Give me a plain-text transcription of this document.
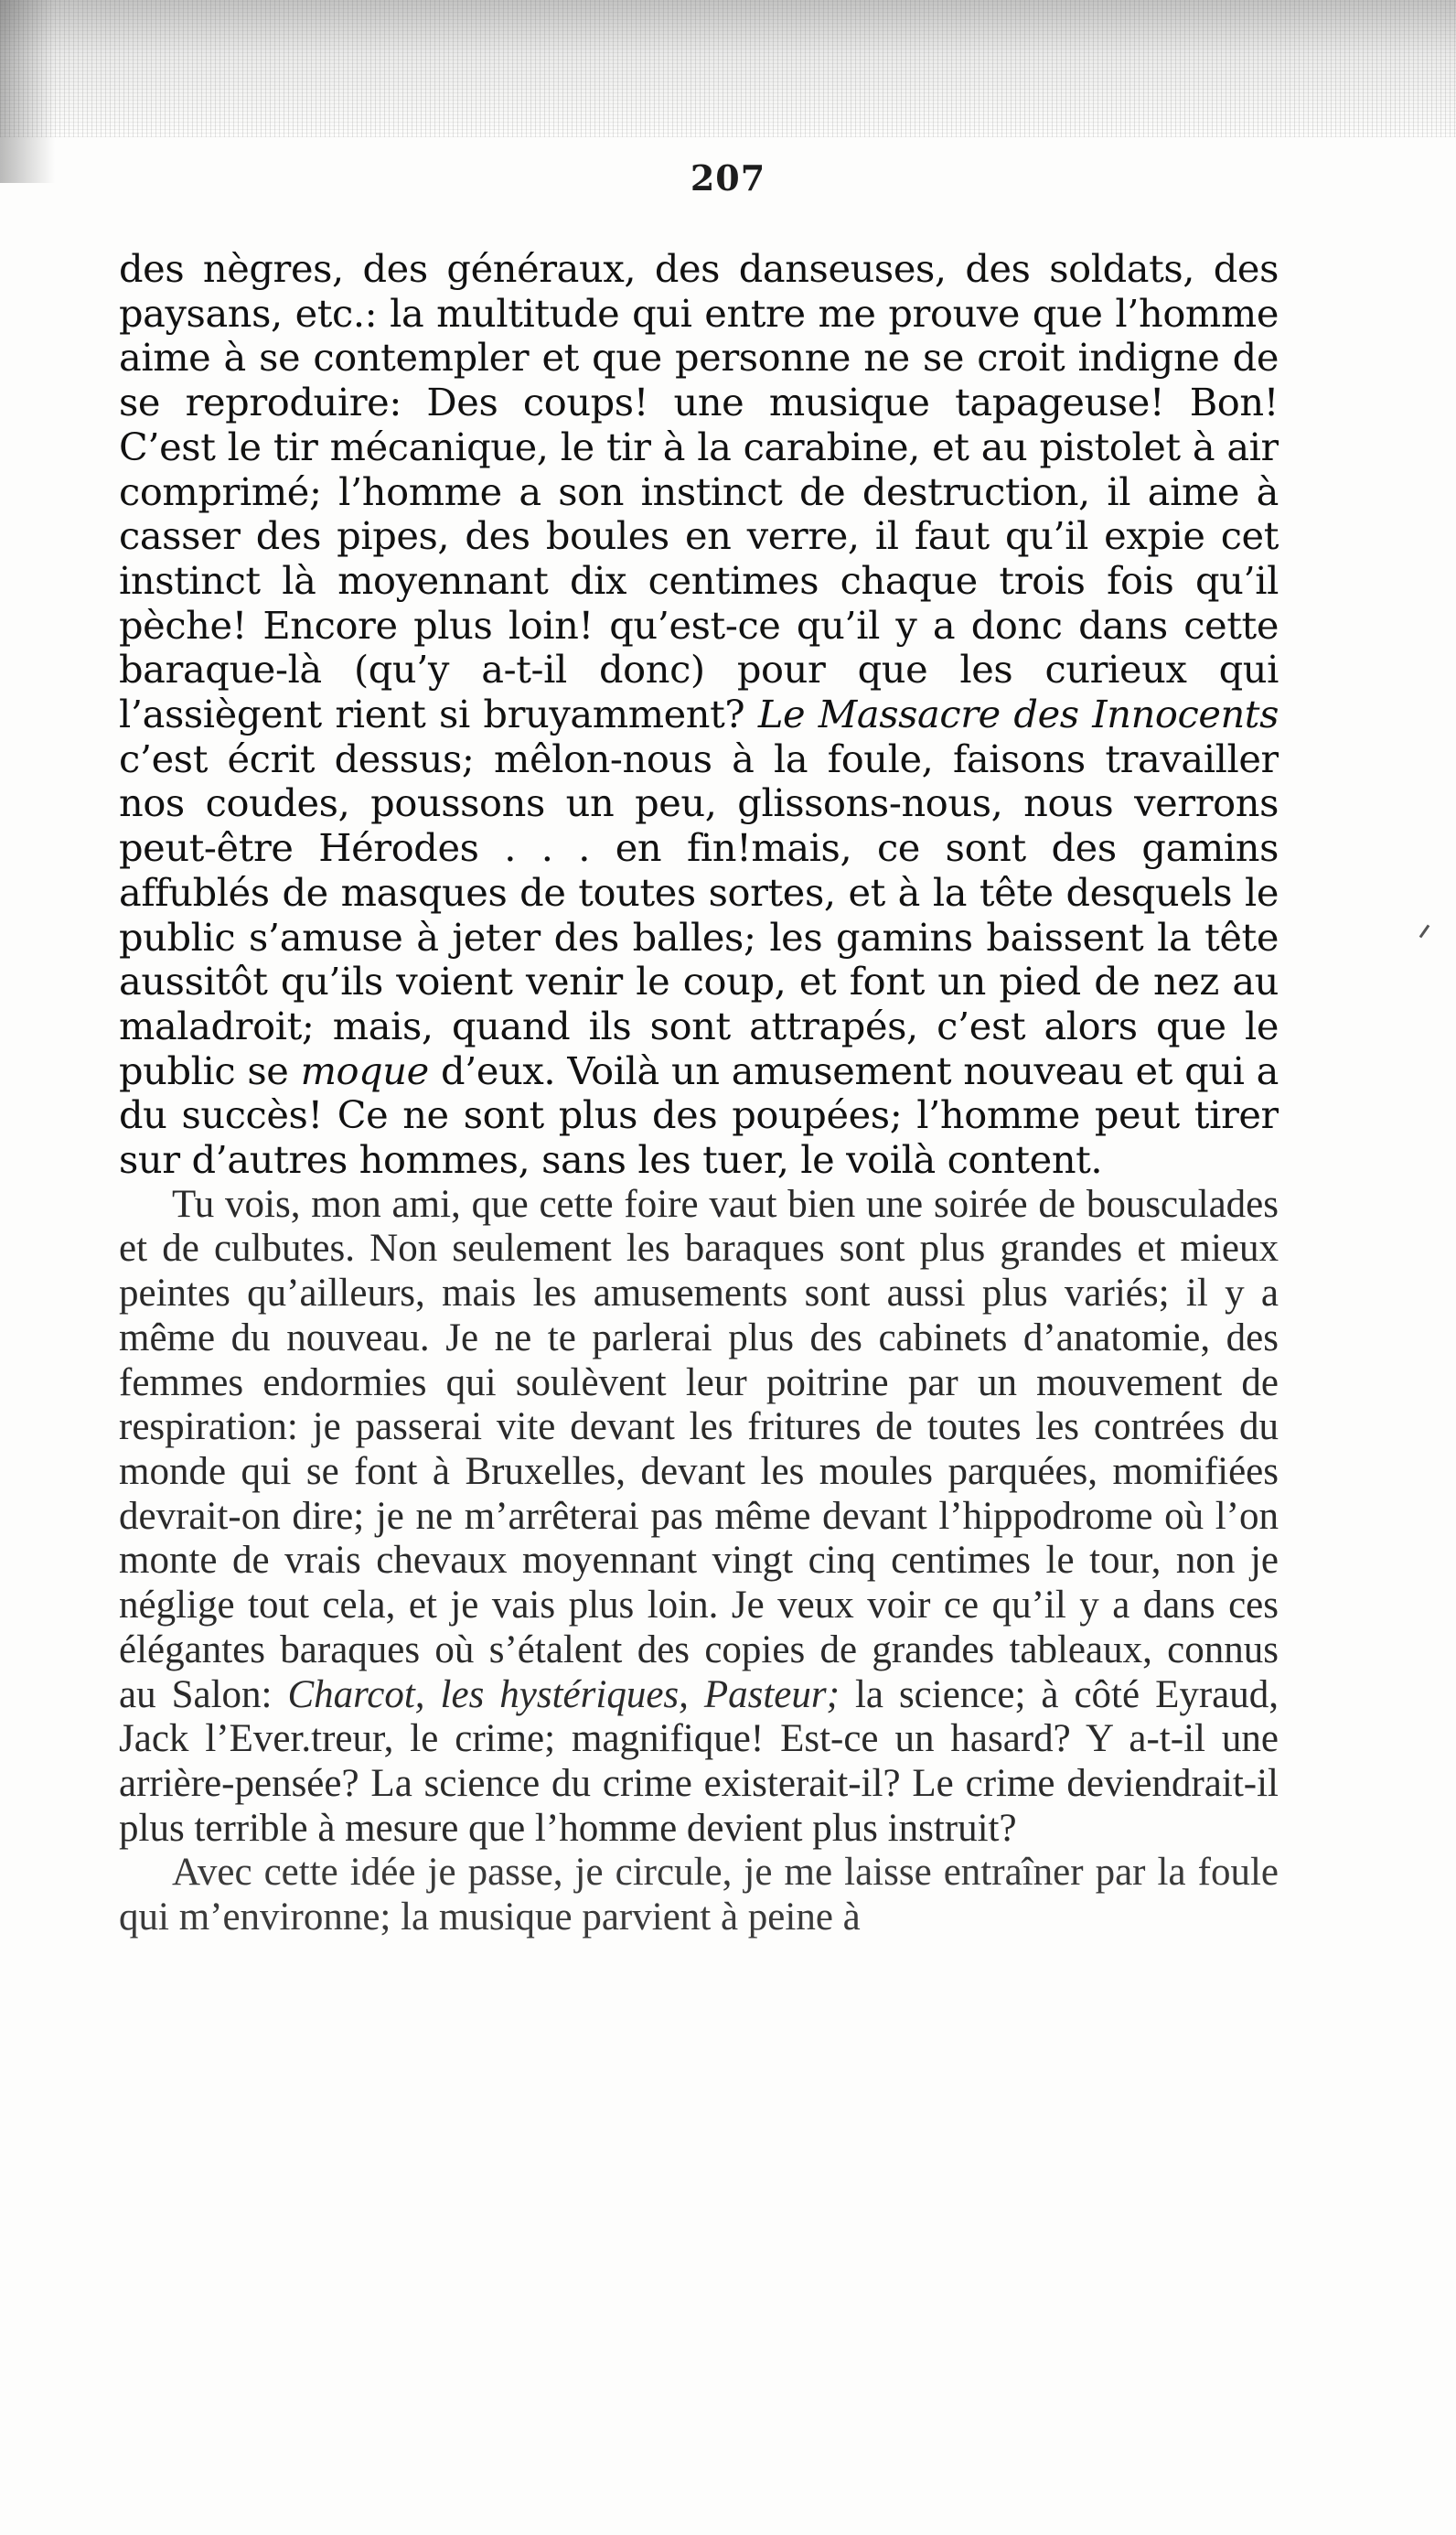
207

des nègres, des généraux, des danseuses, des soldats, des paysans, etc.: la multitude qui entre me prouve que l’homme aime à se contempler et que personne ne se croit indigne de se reproduire: Des coups! une musique tapageuse! Bon! C’est le tir mécanique, le tir à la carabine, et au pistolet à air comprimé; l’homme a son instinct de destruction, il aime à casser des pipes, des boules en verre, il faut qu’il expie cet instinct là moyennant dix centimes chaque trois fois qu’il pèche! Encore plus loin! qu’est-ce qu’il y a donc dans cette baraque-là (qu’y a-t-il donc) pour que les curieux qui l’assiègent rient si bruyamment? Le Massacre des Innocents c’est écrit dessus; mêlon-nous à la foule, faisons travailler nos coudes, poussons un peu, glissons-nous, nous verrons peut-être Hérodes . . . en fin!mais, ce sont des gamins affublés de masques de toutes sortes, et à la tête desquels le public s’amuse à jeter des balles; les gamins baissent la tête aussitôt qu’ils voient venir le coup, et font un pied de nez au maladroit; mais, quand ils sont attrapés, c’est alors que le public se moque d’eux. Voilà un amusement nouveau et qui a du succès! Ce ne sont plus des poupées; l’homme peut tirer sur d’autres hommes, sans les tuer, le voilà content.

Tu vois, mon ami, que cette foire vaut bien une soirée de bousculades et de culbutes. Non seulement les baraques sont plus grandes et mieux peintes qu’ailleurs, mais les amusements sont aussi plus variés; il y a même du nouveau. Je ne te parlerai plus des cabinets d’anatomie, des femmes endormies qui soulèvent leur poitrine par un mouvement de respiration: je passerai vite devant les fritures de toutes les contrées du monde qui se font à Bruxelles, devant les moules parquées, momifiées devrait-on dire; je ne m’arrêterai pas même devant l’hippodrome où l’on monte de vrais chevaux moyennant vingt cinq centimes le tour, non je néglige tout cela, et je vais plus loin. Je veux voir ce qu’il y a dans ces élégantes baraques où s’étalent des copies de grandes tableaux, connus au Salon: Charcot, les hystériques, Pasteur; la science; à côté Eyraud, Jack l’Ever.treur, le crime; magnifique! Est-ce un hasard? Y a-t-il une arrière-pensée? La science du crime existerait-il? Le crime deviendrait-il plus terrible à mesure que l’homme devient plus instruit?

Avec cette idée je passe, je circule, je me laisse entraîner par la foule qui m’environne; la musique parvient à peine à
